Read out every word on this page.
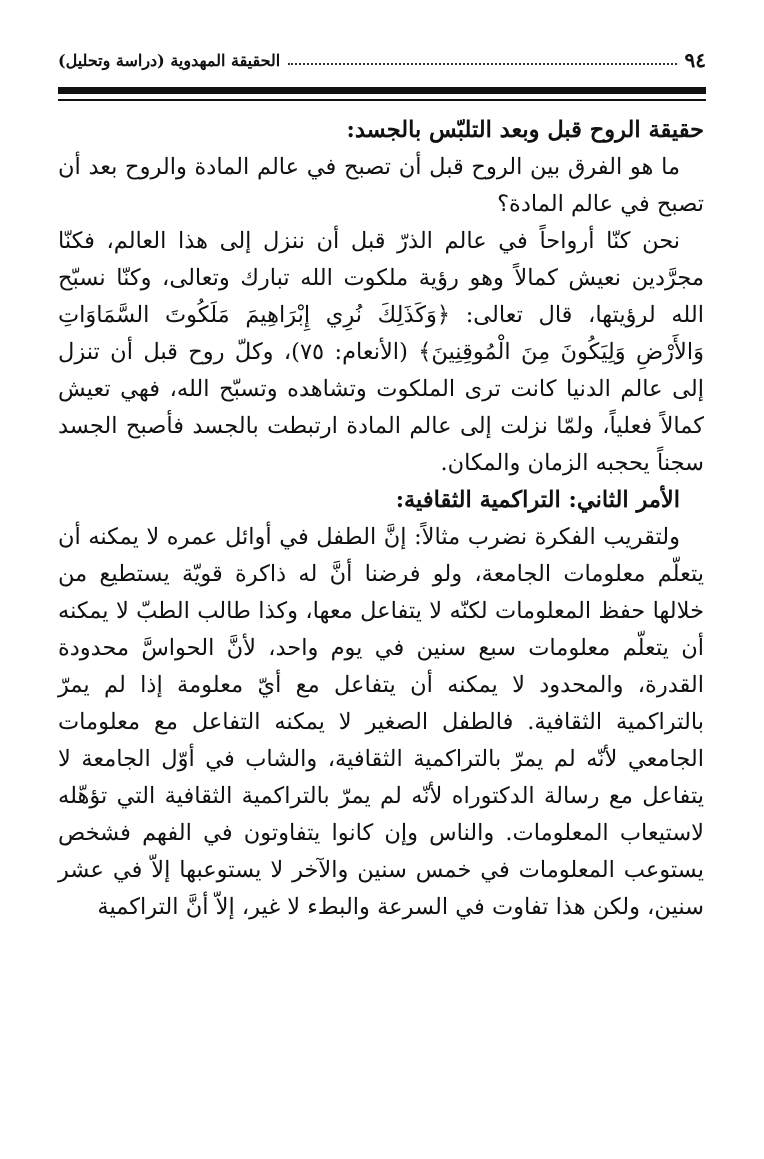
٩٤
الحقيقة المهدوية (دراسة وتحليل)

حقيقة الروح قبل وبعد التلبّس بالجسد:

ما هو الفرق بين الروح قبل أن تصبح في عالم المادة والروح بعد أن تصبح في عالم المادة؟

نحن كنّا أرواحاً في عالم الذرّ قبل أن ننزل إلى هذا العالم، فكنّا مجرَّدين نعيش كمالاً وهو رؤية ملكوت الله تبارك وتعالى، وكنّا نسبّح الله لرؤيتها، قال تعالى: ﴿وَكَذَلِكَ نُرِي إِبْرَاهِيمَ مَلَكُوتَ السَّمَاوَاتِ وَالأَرْضِ وَلِيَكُونَ مِنَ الْمُوقِنِينَ﴾ (الأنعام: ٧٥)، وكلّ روح قبل أن تنزل إلى عالم الدنيا كانت ترى الملكوت وتشاهده وتسبّح الله، فهي تعيش كمالاً فعلياً، ولمّا نزلت إلى عالم المادة ارتبطت بالجسد فأصبح الجسد سجناً يحجبه الزمان والمكان.

الأمر الثاني: التراكمية الثقافية:

ولتقريب الفكرة نضرب مثالاً: إنَّ الطفل في أوائل عمره لا يمكنه أن يتعلّم معلومات الجامعة، ولو فرضنا أنَّ له ذاكرة قويّة يستطيع من خلالها حفظ المعلومات لكنّه لا يتفاعل معها، وكذا طالب الطبّ لا يمكنه أن يتعلّم معلومات سبع سنين في يوم واحد، لأنَّ الحواسَّ محدودة القدرة، والمحدود لا يمكنه أن يتفاعل مع أيّ معلومة إذا لم يمرّ بالتراكمية الثقافية. فالطفل الصغير لا يمكنه التفاعل مع معلومات الجامعي لأنّه لم يمرّ بالتراكمية الثقافية، والشاب في أوّل الجامعة لا يتفاعل مع رسالة الدكتوراه لأنّه لم يمرّ بالتراكمية الثقافية التي تؤهّله لاستيعاب المعلومات. والناس وإن كانوا يتفاوتون في الفهم فشخص يستوعب المعلومات في خمس سنين والآخر لا يستوعبها إلاّ في عشر سنين، ولكن هذا تفاوت في السرعة والبطء لا غير، إلاّ أنَّ التراكمية
